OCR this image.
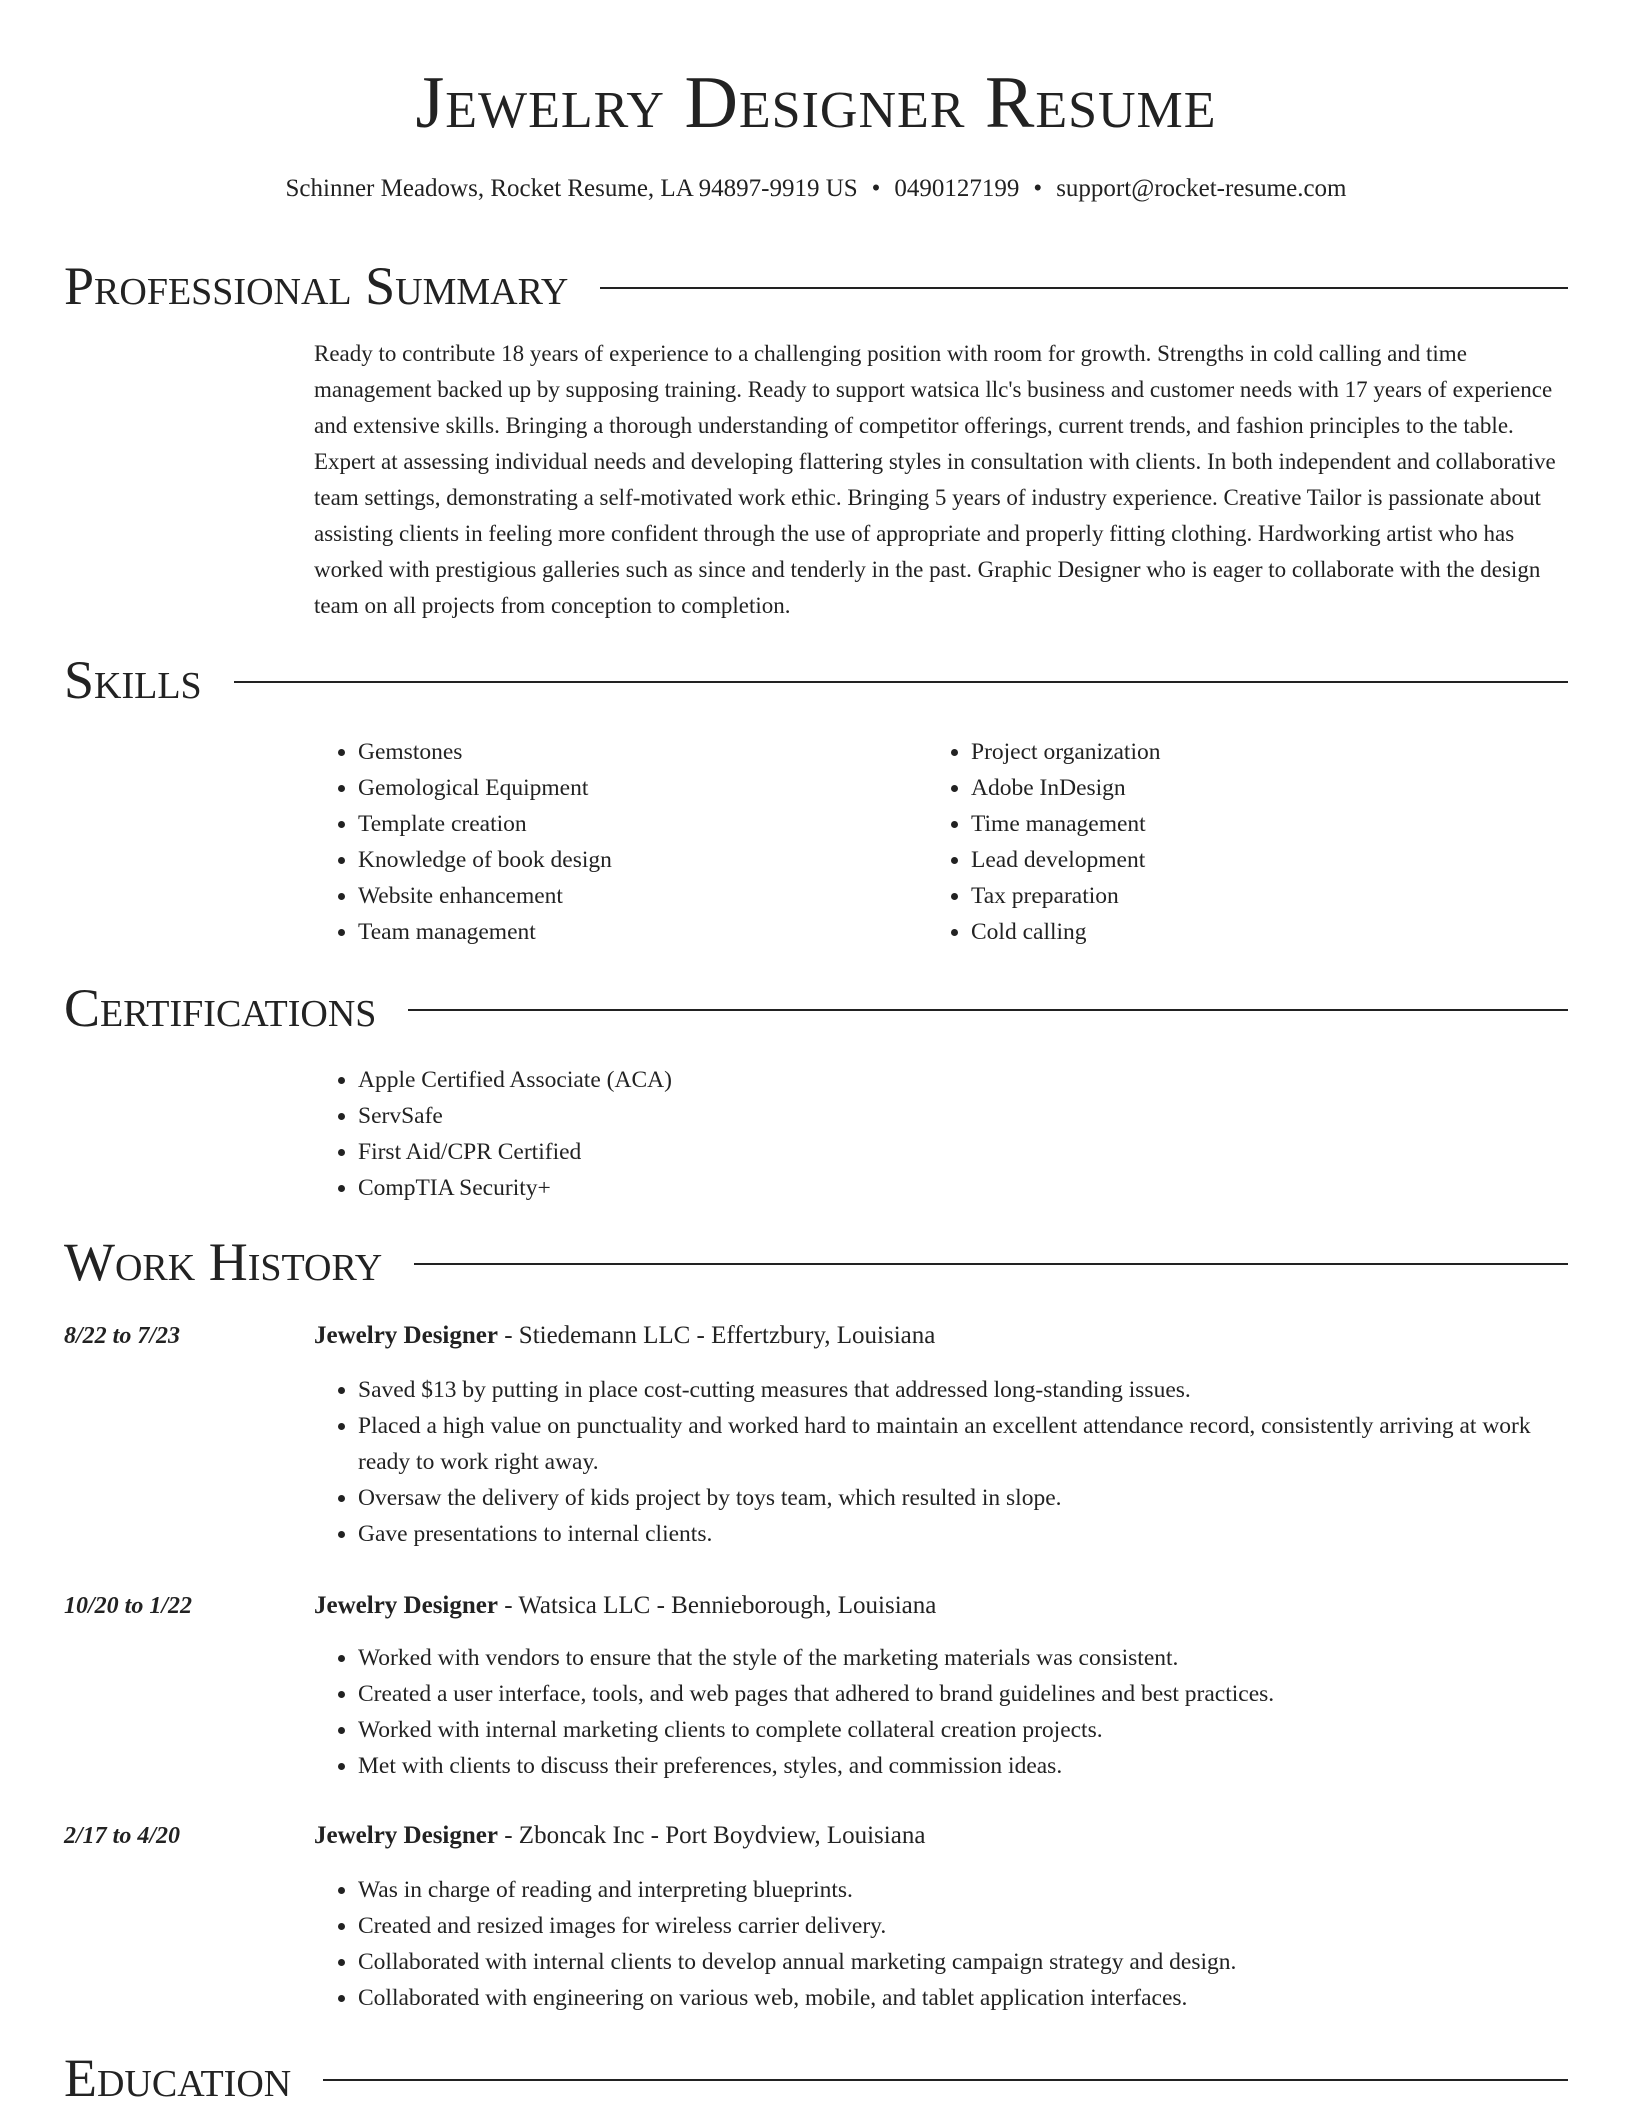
Jewelry Designer Resume
Schinner Meadows, Rocket Resume, LA 94897-9919 US • 0490127199 • support@rocket-resume.com
Professional Summary

Ready to contribute 18 years of experience to a challenging position with room for growth. Strengths in cold calling and time management backed up by supposing training. Ready to support watsica llc's business and customer needs with 17 years of experience and extensive skills. Bringing a thorough understanding of competitor offerings, current trends, and fashion principles to the table. Expert at assessing individual needs and developing flattering styles in consultation with clients. In both independent and collaborative team settings, demonstrating a self-motivated work ethic. Bringing 5 years of industry experience. Creative Tailor is passionate about assisting clients in feeling more confident through the use of appropriate and properly fitting clothing. Hardworking artist who has worked with prestigious galleries such as since and tenderly in the past. Graphic Designer who is eager to collaborate with the design team on all projects from conception to completion.

Skills
• Gemstones
• Gemological Equipment
• Template creation
• Knowledge of book design
• Website enhancement
• Team management
• Project organization
• Adobe InDesign
• Time management
• Lead development
• Tax preparation
• Cold calling
Certifications
• Apple Certified Associate (ACA)
• ServSafe
• First Aid/CPR Certified
• CompTIA Security+
Work History
8/22 to 7/23	Jewelry Designer - Stiedemann LLC - Effertzbury, Louisiana
• Saved $13 by putting in place cost-cutting measures that addressed long-standing issues.
• Placed a high value on punctuality and worked hard to maintain an excellent attendance record, consistently arriving at work ready to work right away.
• Oversaw the delivery of kids project by toys team, which resulted in slope.
• Gave presentations to internal clients.
10/20 to 1/22	Jewelry Designer - Watsica LLC - Bennieborough, Louisiana
• Worked with vendors to ensure that the style of the marketing materials was consistent.
• Created a user interface, tools, and web pages that adhered to brand guidelines and best practices.
• Worked with internal marketing clients to complete collateral creation projects.
• Met with clients to discuss their preferences, styles, and commission ideas.
2/17 to 4/20	Jewelry Designer - Zboncak Inc - Port Boydview, Louisiana
• Was in charge of reading and interpreting blueprints.
• Created and resized images for wireless carrier delivery.
• Collaborated with internal clients to develop annual marketing campaign strategy and design.
• Collaborated with engineering on various web, mobile, and tablet application interfaces.
Education
